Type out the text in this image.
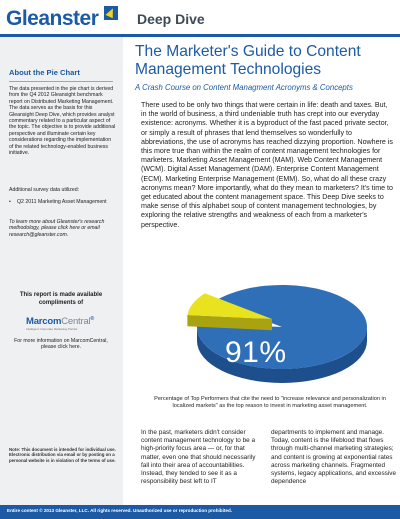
Gleanster	Deep Dive
About the Pie Chart
The data presented in the pie chart is derived from the Q4 2012 Gleansight benchmark report on Distributed Marketing Management. The data serves as the basis for this Gleansight Deep Dive, which provides analyst commentary related to a particular aspect of the topic. The objective is to provide additional perspective and illuminate certain key considerations regarding the implementation of the related technology-enabled business initiative.
Additional survey data utilized:
• Q2 2011 Marketing Asset Management
To learn more about Gleanster's research methodology, please click here or email research@gleanster.com.
This report is made available compliments of
MarcomCentral®
Intelligent Corporate Marketing Portals
For more information on MarcomCentral, please click here.
Note: This document is intended for individual use. Electronic distribution via email or by posting on a personal website is in violation of the terms of use.
The Marketer's Guide to Content Management Technologies
A Crash Course on Content Managment Acronyms & Concepts
There used to be only two things that were certain in life: death and taxes. But, in the world of business, a third undeniable truth has crept into our everyday existence: acronyms. Whether it is a byproduct of the fast paced private sector, or simply a result of phrases that lend themselves so wonderfully to abbreviations, the use of acronyms has reached dizzying proportion. Nowhere is this more true than within the realm of content management technologies for marketers. Marketing Asset Management (MAM). Web Content Management (WCM). Digital Asset Management (DAM). Enterprise Content Management (ECM). Marketing Enterprise Management (EMM). So, what do all these crazy acronyms mean? More importantly, what do they mean to marketers? It's time to get educated about the content management space. This Deep Dive seeks to make sense of this alphabet soup of content management technologies, by exploring the relative strengths and weakness of each from a marketer's perspective.
91%
Percentage of Top Performers that cite the need to "increase relevance and personalization in localized markets" as the top reason to invest in marketing asset management.
In the past, marketers didn't consider content management technology to be a high-priority focus area — or, for that matter, even one that should necessarily fall into their area of accountabilities. Instead, they tended to see it as a responsibility best left to IT
departments to implement and manage. Today, content is the lifeblood that flows through multi-channel marketing strategies; and content is growing at exponential rates across marketing channels. Fragmented systems, legacy applications, and excessive dependence
Entire content © 2013 Gleanster, LLC. All rights reserved. Unauthorized use or reproduction prohibited.
